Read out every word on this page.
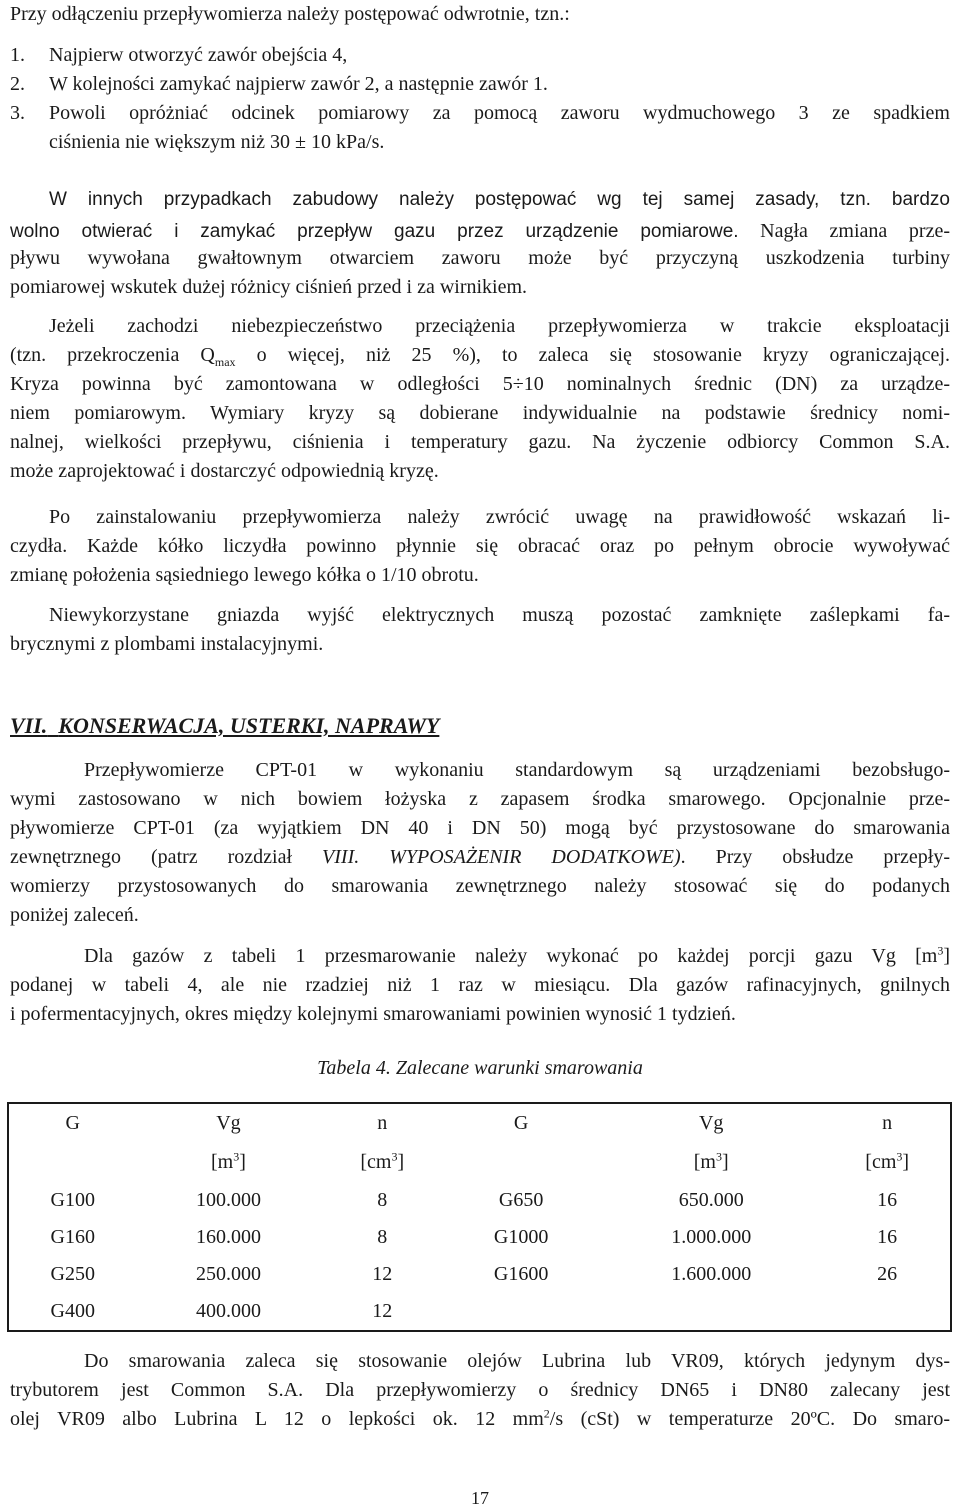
Przy odłączeniu przepływomierza należy postępować odwrotnie, tzn.:
1. Najpierw otworzyć zawór obejścia 4,
2. W kolejności zamykać najpierw zawór 2, a następnie zawór 1.
3. Powoli opróżniać odcinek pomiarowy za pomocą zaworu wydmuchowego 3 ze spadkiem
ciśnienia nie większym niż 30 ± 10 kPa/s.
W innych przypadkach zabudowy należy postępować wg tej samej zasady, tzn. bardzo
wolno otwierać i zamykać przepływ gazu przez urządzenie pomiarowe. Nagła zmiana prze-
pływu wywołana gwałtownym otwarciem zaworu może być przyczyną uszkodzenia turbiny
pomiarowej wskutek dużej różnicy ciśnień przed i za wirnikiem.
Jeżeli zachodzi niebezpieczeństwo przeciążenia przepływomierza w trakcie eksploatacji
(tzn. przekroczenia $Q_{max}$ o więcej, niż 25 %), to zaleca się stosowanie kryzy ograniczającej.
Kryza powinna być zamontowana w odległości 5÷10 nominalnych średnic (DN) za urządze-
niem pomiarowym. Wymiary kryzy są dobierane indywidualnie na podstawie średnicy nomi-
nalnej, wielkości przepływu, ciśnienia i temperatury gazu. Na życzenie odbiorcy Common S.A.
może zaprojektować i dostarczyć odpowiednią kryzę.
Po zainstalowaniu przepływomierza należy zwrócić uwagę na prawidłowość wskazań li-
czydła. Każde kółko liczydła powinno płynnie się obracać oraz po pełnym obrocie wywoływać
zmianę położenia sąsiedniego lewego kółka o 1/10 obrotu.
Niewykorzystane gniazda wyjść elektrycznych muszą pozostać zamknięte zaślepkami fa-
brycznymi z plombami instalacyjnymi.
VII. KONSERWACJA, USTERKI, NAPRAWY
Przepływomierze CPT-01 w wykonaniu standardowym są urządzeniami bezobsługo-
wymi zastosowano w nich bowiem łożyska z zapasem środka smarowego. Opcjonalnie prze-
pływomierze CPT-01 (za wyjątkiem DN 40 i DN 50) mogą być przystosowane do smarowania
zewnętrznego (patrz rozdział VIII. WYPOSAŻENIR DODATKOWE). Przy obsłudze przepły-
womierzy przystosowanych do smarowania zewnętrznego należy stosować się do podanych
poniżej zaleceń.
Dla gazów z tabeli 1 przesmarowanie należy wykonać po każdej porcji gazu Vg $[m^3]$
podanej w tabeli 4, ale nie rzadziej niż 1 raz w miesiącu. Dla gazów rafinacyjnych, gnilnych
i pofermentacyjnych, okres między kolejnymi smarowaniami powinien wynosić 1 tydzień.
Tabela 4. Zalecane warunki smarowania
G	Vg	n	G	Vg	n
	$[m^3]$	$[cm^3]$		$[m^3]$	$[cm^3]$
G100	100.000	8	G650	650.000	16
G160	160.000	8	G1000	1.000.000	16
G250	250.000	12	G1600	1.600.000	26
G400	400.000	12			
Do smarowania zaleca się stosowanie olejów Lubrina lub VR09, których jedynym dys-
trybutorem jest Common S.A. Dla przepływomierzy o średnicy DN65 i DN80 zalecany jest
olej VR09 albo Lubrina L 12 o lepkości ok. 12 $mm^2/s$ (cSt) w temperaturze 20ºC. Do smaro-
17
